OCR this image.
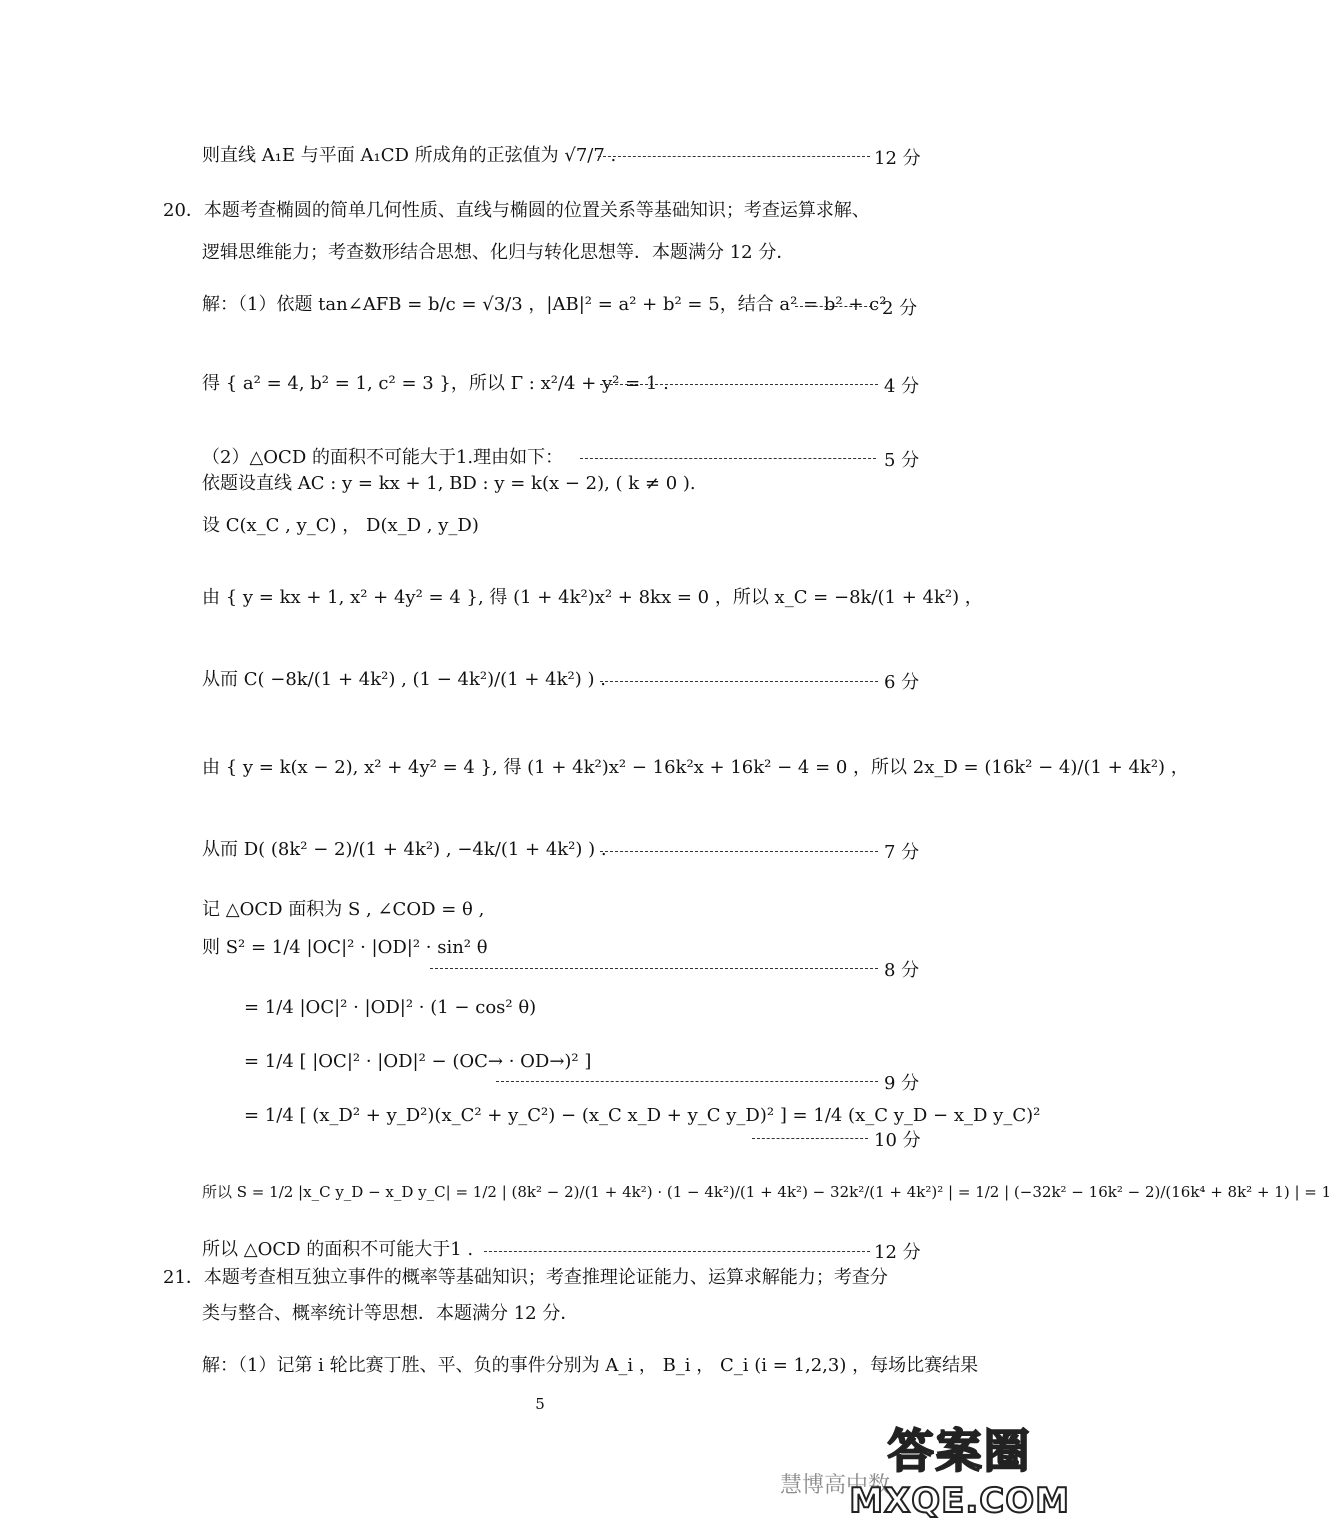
则直线 A₁E 与平面 A₁CD 所成角的正弦值为 √7/7 .	12 分
20．本题考查椭圆的简单几何性质、直线与椭圆的位置关系等基础知识；考查运算求解、
逻辑思维能力；考查数形结合思想、化归与转化思想等．本题满分 12 分．
解：（1）依题 tan∠AFB = b/c = √3/3 ，|AB|² = a² + b² = 5，结合 a² = b² + c²
2 分
得 { a² = 4, b² = 1, c² = 3 }，所以 Γ : x²/4 + y² = 1 .	4 分
（2）△OCD 的面积不可能大于1.理由如下：	5 分
依题设直线 AC : y = kx + 1, BD : y = k(x − 2), ( k ≠ 0 ).
设 C(x_C , y_C) ， D(x_D , y_D)
由 { y = kx + 1, x² + 4y² = 4 }, 得 (1 + 4k²)x² + 8kx = 0 ，所以 x_C = −8k/(1 + 4k²) ，
从而 C( −8k/(1 + 4k²) , (1 − 4k²)/(1 + 4k²) ) .	6 分
由 { y = k(x − 2), x² + 4y² = 4 }, 得 (1 + 4k²)x² − 16k²x + 16k² − 4 = 0 ，所以 2x_D = (16k² − 4)/(1 + 4k²) ，
从而 D( (8k² − 2)/(1 + 4k²) , −4k/(1 + 4k²) ) .	7 分
记 △OCD 面积为 S , ∠COD = θ ,
则 S² = 1/4 |OC|² · |OD|² · sin² θ
8 分
= 1/4 |OC|² · |OD|² · (1 − cos² θ)
= 1/4 [ |OC|² · |OD|² − (OC→ · OD→)² ]
9 分
= 1/4 [ (x_D² + y_D²)(x_C² + y_C²) − (x_C x_D + y_C y_D)² ] = 1/4 (x_C y_D − x_D y_C)²
10 分
所以 S = 1/2 |x_C y_D − x_D y_C| = 1/2 | (8k² − 2)/(1 + 4k²) · (1 − 4k²)/(1 + 4k²) − 32k²/(1 + 4k²)² | = 1/2 | (−32k² − 16k² − 2)/(16k⁴ + 8k² + 1) | = 1
所以 △OCD 的面积不可能大于1 .	12 分
21．本题考查相互独立事件的概率等基础知识；考查推理论证能力、运算求解能力；考查分
类与整合、概率统计等思想．本题满分 12 分．
解：（1）记第 i 轮比赛丁胜、平、负的事件分别为 A_i ， B_i ， C_i (i = 1,2,3) ，每场比赛结果
5
慧博高中数
答案圈
MXQE.COM
